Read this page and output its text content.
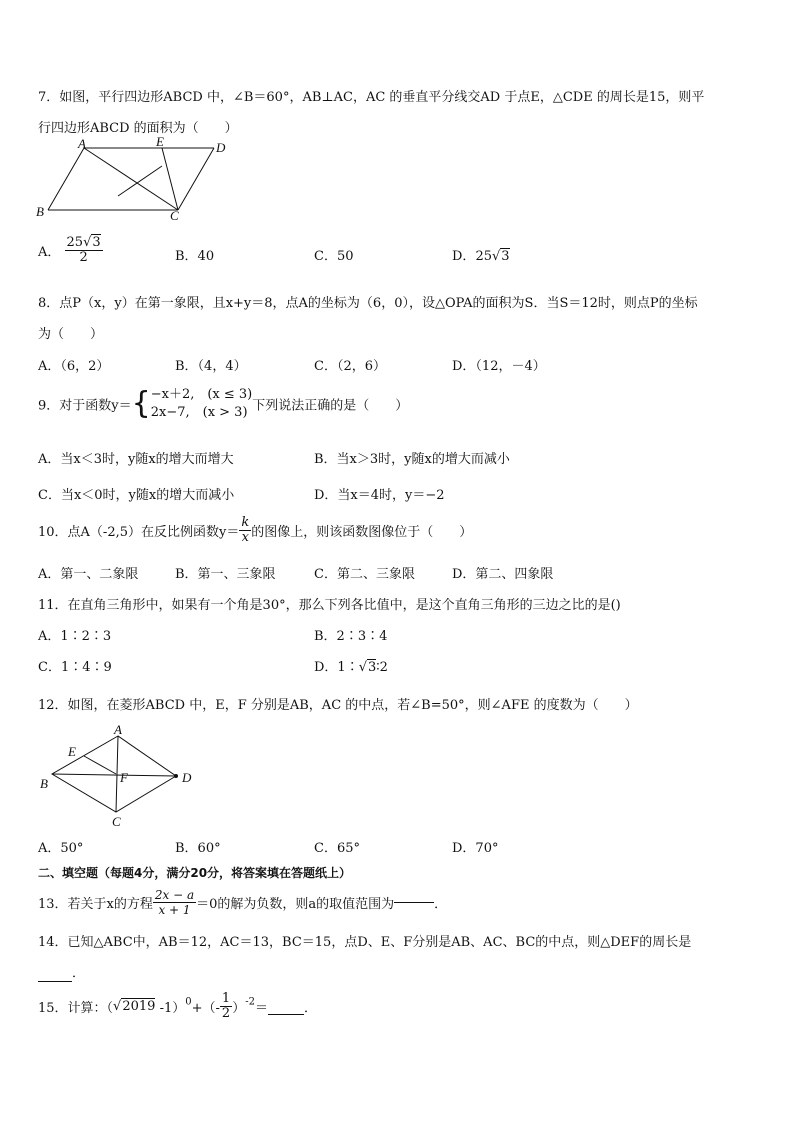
7．如图，平行四边形ABCD 中，∠B＝60°，AB⊥AC，AC 的垂直平分线交AD 于点E，△CDE 的周长是15，则平
行四边形ABCD 的面积为（　　）
A	E	D
B	C
A． $\frac{25√3}{2}$	B．40	C．50	D．25√3
8．点P（x，y）在第一象限，且x+y＝8，点A的坐标为（6，0），设△OPA的面积为S．当S＝12时，则点P的坐标
为（　　）
A．（6，2）	B．（4，4）	C．（2，6）	D．（12，－4）
9．对于函数y＝{ −x＋2,　(x ≤ 3)
2x−7,　(x > 3) 下列说法正确的是（　　）
A．当x＜3时，y随x的增大而增大	B．当x＞3时，y随x的增大而减小
C．当x＜0时，y随x的增大而减小	D．当x＝4时，y＝−2
10．点A（-2,5）在反比例函数$y= \frac{k}{x}$ 的图像上，则该函数图像位于（　　）
A．第一、二象限	B．第一、三象限	C．第二、三象限	D．第二、四象限
11．在直角三角形中，如果有一个角是30°，那么下列各比值中，是这个直角三角形的三边之比的是()
A．1∶2∶3	B．2∶3∶4
C．1∶4∶9	D．1∶√3∶2
12．如图，在菱形ABCD 中，E，F 分别是AB，AC 的中点，若∠B=50°，则∠AFE 的度数为（　　）
A
E
F
B
C
D
A．50°	B．60°	C．65°	D．70°
二、填空题（每题4分，满分20分，将答案填在答题纸上）
13．若关于x的方程 $\frac{2x - a}{x + 1} =0$的解为负数，则a的取值范围为	．
14．已知△ABC中，AB＝12，AC＝13，BC＝15，点D、E、F分别是AB、AC、BC的中点，则△DEF的周长是
．
15．计算：（√2019 $-1)^0+(- \frac{1}{2} )^{-2}=$	．
